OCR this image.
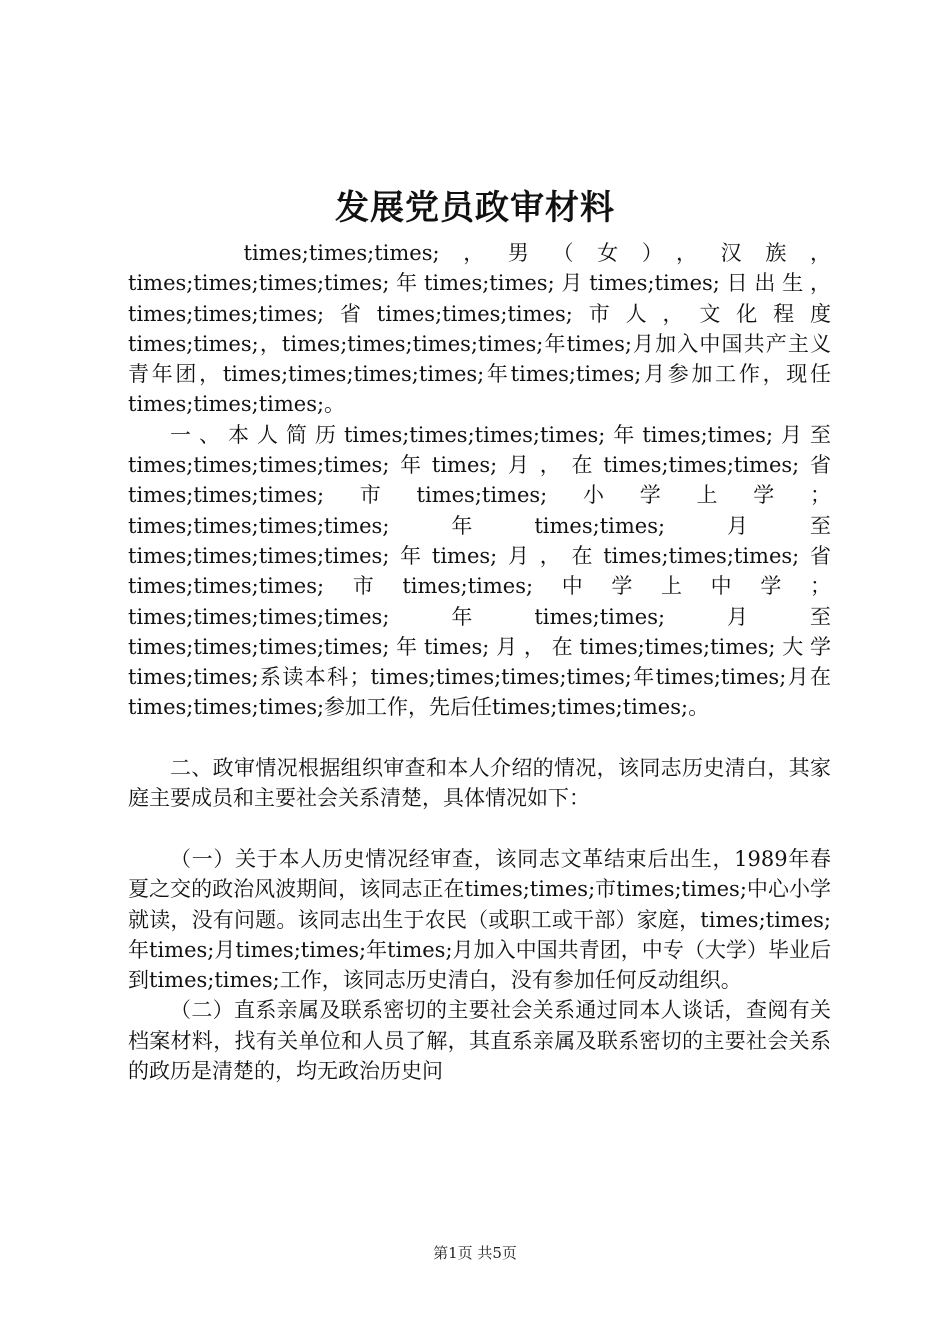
发展党员政审材料

times;times;times;，男（女），汉族，times;times;times;times;年times;times;月times;times;日出生，times;times;times;省times;times;times;市人，文化程度times;times;，times;times;times;times;年times;月加入中国共产主义青年团，times;times;times;times;年times;times;月参加工作，现任times;times;times;。

一、本人简历times;times;times;times;年times;times;月至times;times;times;times;年times;月，在times;times;times;省times;times;times;市times;times;小学上学；times;times;times;times;年times;times;月至times;times;times;times;年times;月，在times;times;times;省times;times;times;市times;times;中学上中学；times;times;times;times;年times;times;月至times;times;times;times;年times;月，在times;times;times;大学times;times;系读本科；times;times;times;times;年times;times;月在times;times;times;参加工作，先后任times;times;times;。

二、政审情况根据组织审查和本人介绍的情况，该同志历史清白，其家庭主要成员和主要社会关系清楚，具体情况如下：

（一）关于本人历史情况经审查，该同志文革结束后出生，1989年春夏之交的政治风波期间，该同志正在times;times;市times;times;中心小学就读，没有问题。该同志出生于农民（或职工或干部）家庭，times;times;年times;月times;times;年times;月加入中国共青团，中专（大学）毕业后到times;times;工作，该同志历史清白，没有参加任何反动组织。

（二）直系亲属及联系密切的主要社会关系通过同本人谈话，查阅有关档案材料，找有关单位和人员了解，其直系亲属及联系密切的主要社会关系的政历是清楚的，均无政治历史问

第1页 共5页
